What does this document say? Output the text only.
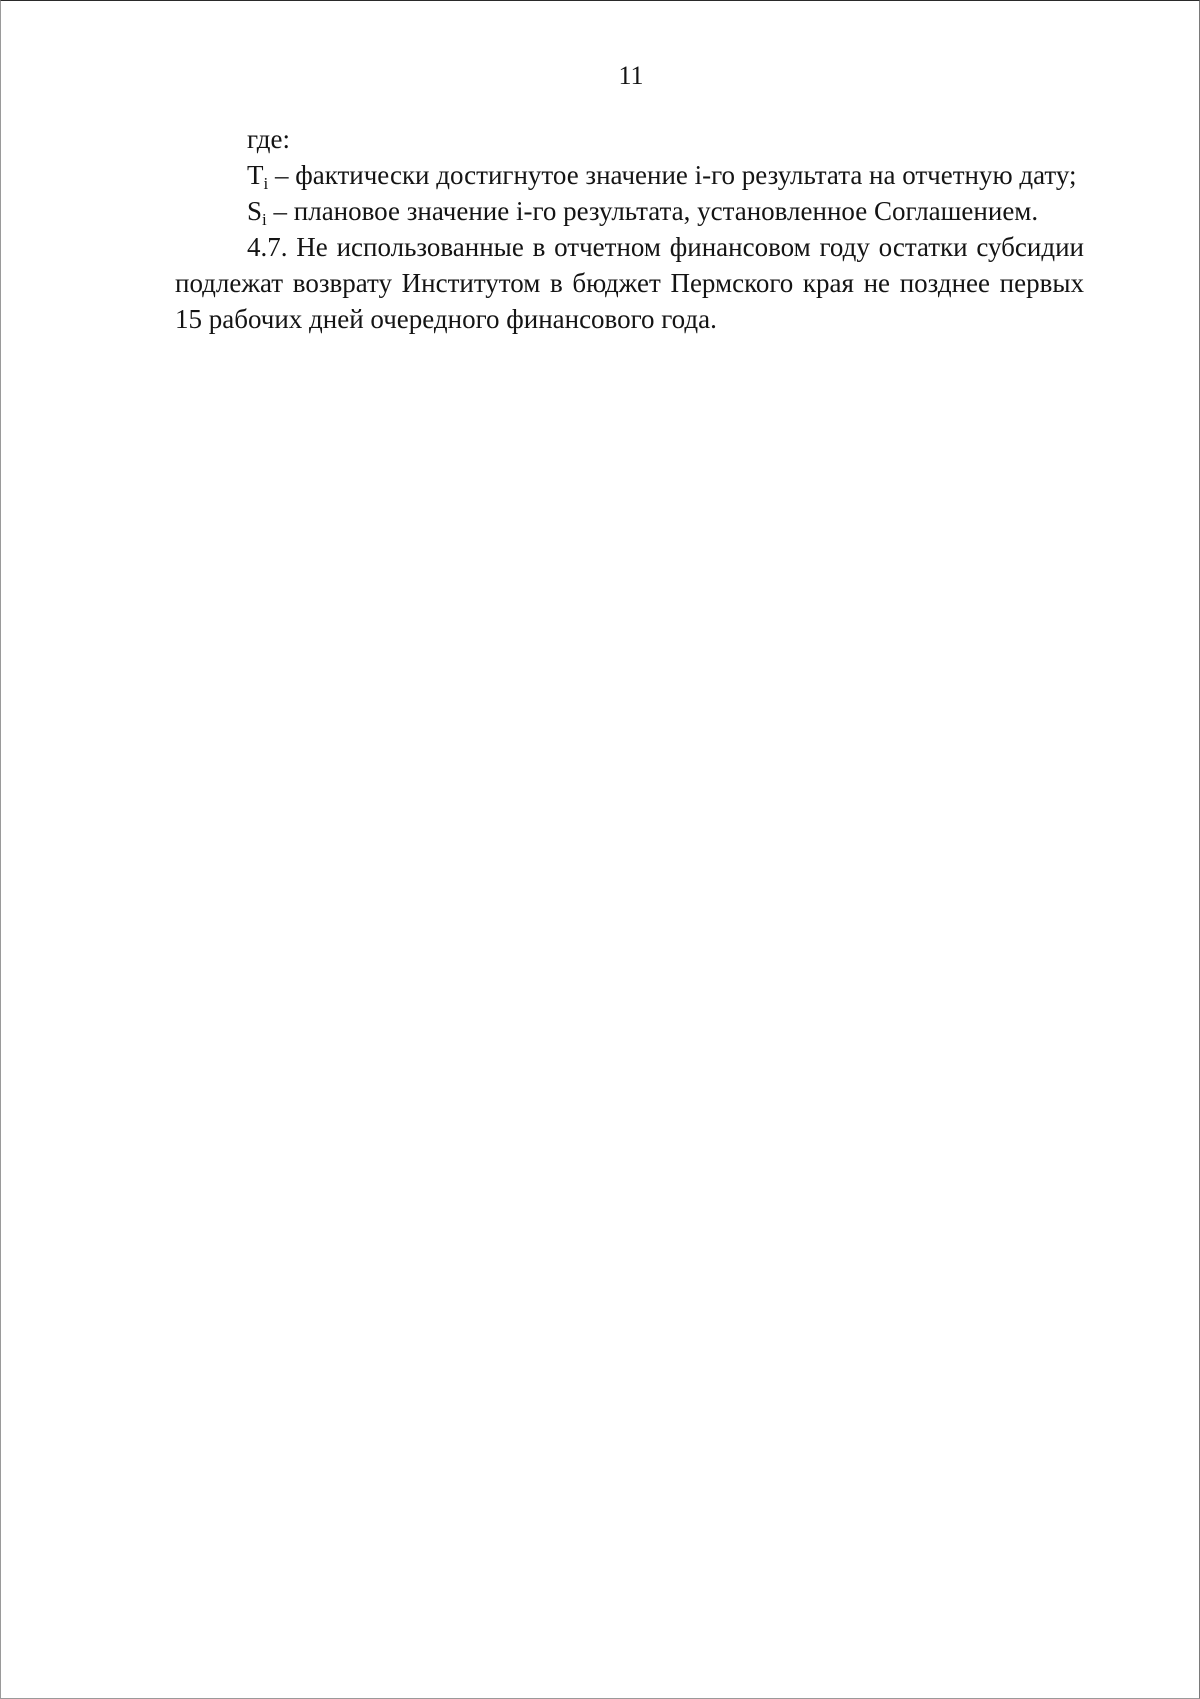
11

где:

$T_i$ – фактически достигнутое значение i-го результата на отчетную дату;

$S_i$ – плановое значение i-го результата, установленное Соглашением.

4.7. Не использованные в отчетном финансовом году остатки субсидии подлежат возврату Институтом в бюджет Пермского края не позднее первых 15 рабочих дней очередного финансового года.
